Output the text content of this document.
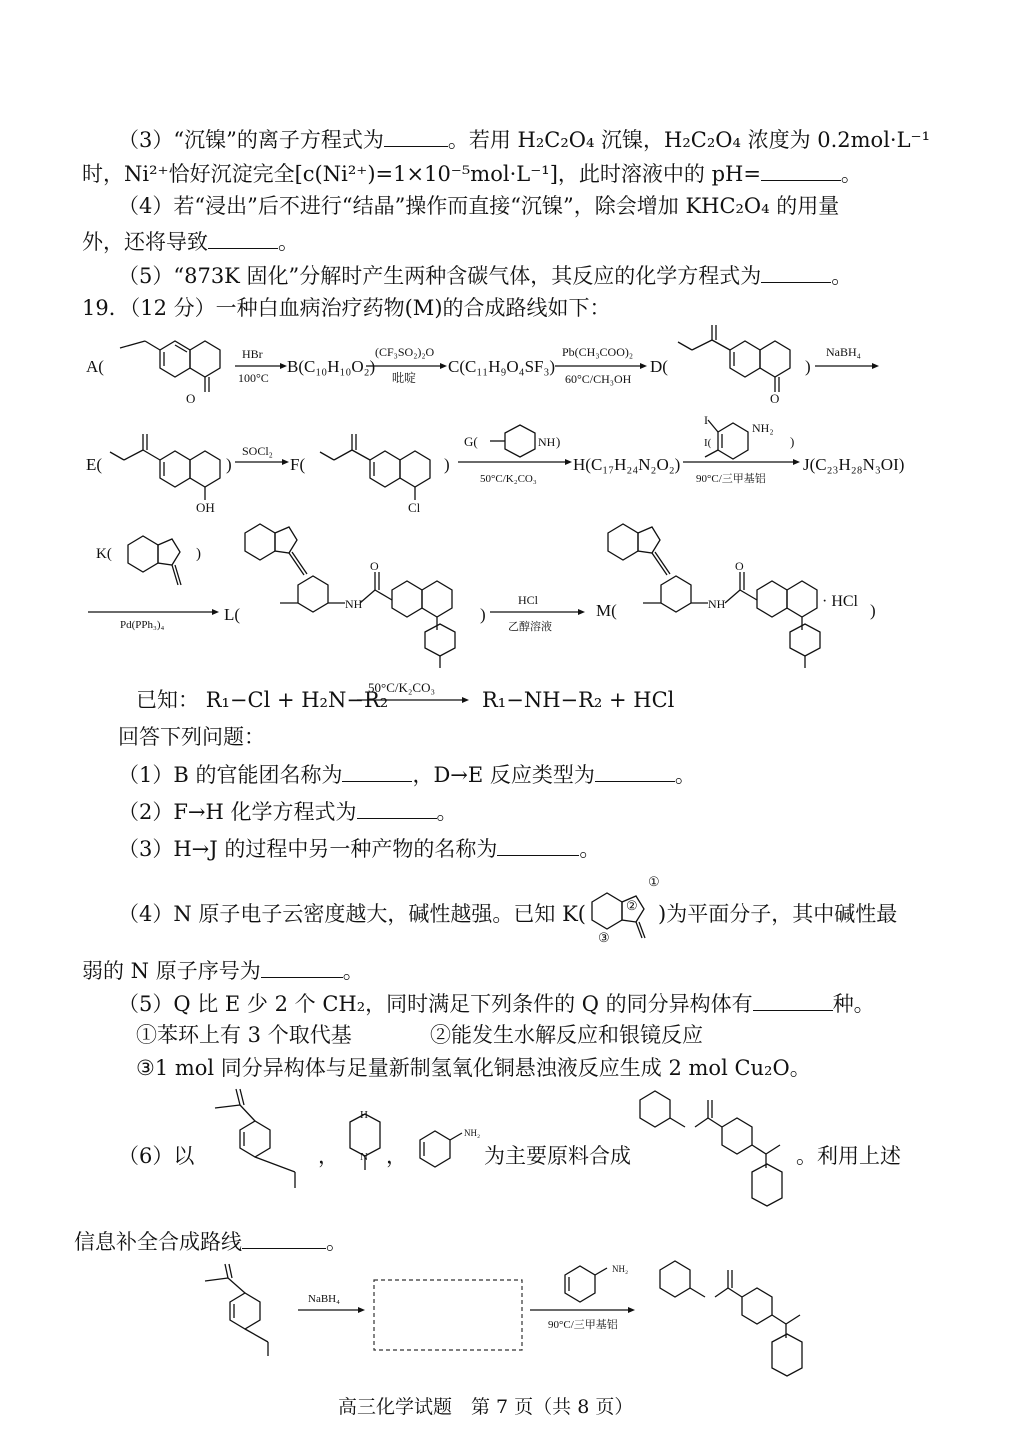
（3）“沉镍”的离子方程式为	。若用 H₂C₂O₄ 沉镍，H₂C₂O₄ 浓度为 0.2mol·L⁻¹
时，Ni²⁺恰好沉淀完全[c(Ni²⁺)=1×10⁻⁵mol·L⁻¹]，此时溶液中的 pH=	。
（4）若“浸出”后不进行“结晶”操作而直接“沉镍”，除会增加 KHC₂O₄ 的用量
外，还将导致	。
（5）“873K 固化”分解时产生两种含碳气体，其反应的化学方程式为	。
19．（12 分）一种白血病治疗药物(M)的合成路线如下：
A(
O
HBr
100°C
B(C₁₀H₁₀O₂)
(CF₃SO₂)₂O
吡啶
C(C₁₁H₉O₄SF₃)
Pb(CH₃COO)₂
60°C/CH₃OH
D(
O
)
NaBH₄
E(
OH
)
SOCl₂
F(
Cl
)
G(	NH )
50°C/K₂CO₃
H(C₁₇H₂₄N₂O₂)
I(
I
NH₂
)
90°C/三甲基铝
J(C₂₃H₂₈N₃OI)
K(	)
Pd(PPh₃)₄
L(
NH
O
)
HCl
乙醇溶液
M(	NH
O
· HCl )
50°C/K₂CO₃
①
②
③
NH₂
H
N
NaBH₄
NH₂
90°C/三甲基铝
已知： R₁−Cl + H₂N−R₂	R₁−NH−R₂ + HCl
回答下列问题：
（1）B 的官能团名称为	，D→E 反应类型为	。
（2）F→H 化学方程式为	。
（3）H→J 的过程中另一种产物的名称为	。
（4）N 原子电子云密度越大，碱性越强。已知 K(	)为平面分子，其中碱性最
弱的 N 原子序号为	。
（5）Q 比 E 少 2 个 CH₂，同时满足下列条件的 Q 的同分异构体有	种。
①苯环上有 3 个取代基	②能发生水解反应和银镜反应
③1 mol 同分异构体与足量新制氢氧化铜悬浊液反应生成 2 mol Cu₂O。
（6）以	， ，	为主要原料合成	。利用上述
信息补全合成路线	。
高三化学试题　第 7 页（共 8 页）
